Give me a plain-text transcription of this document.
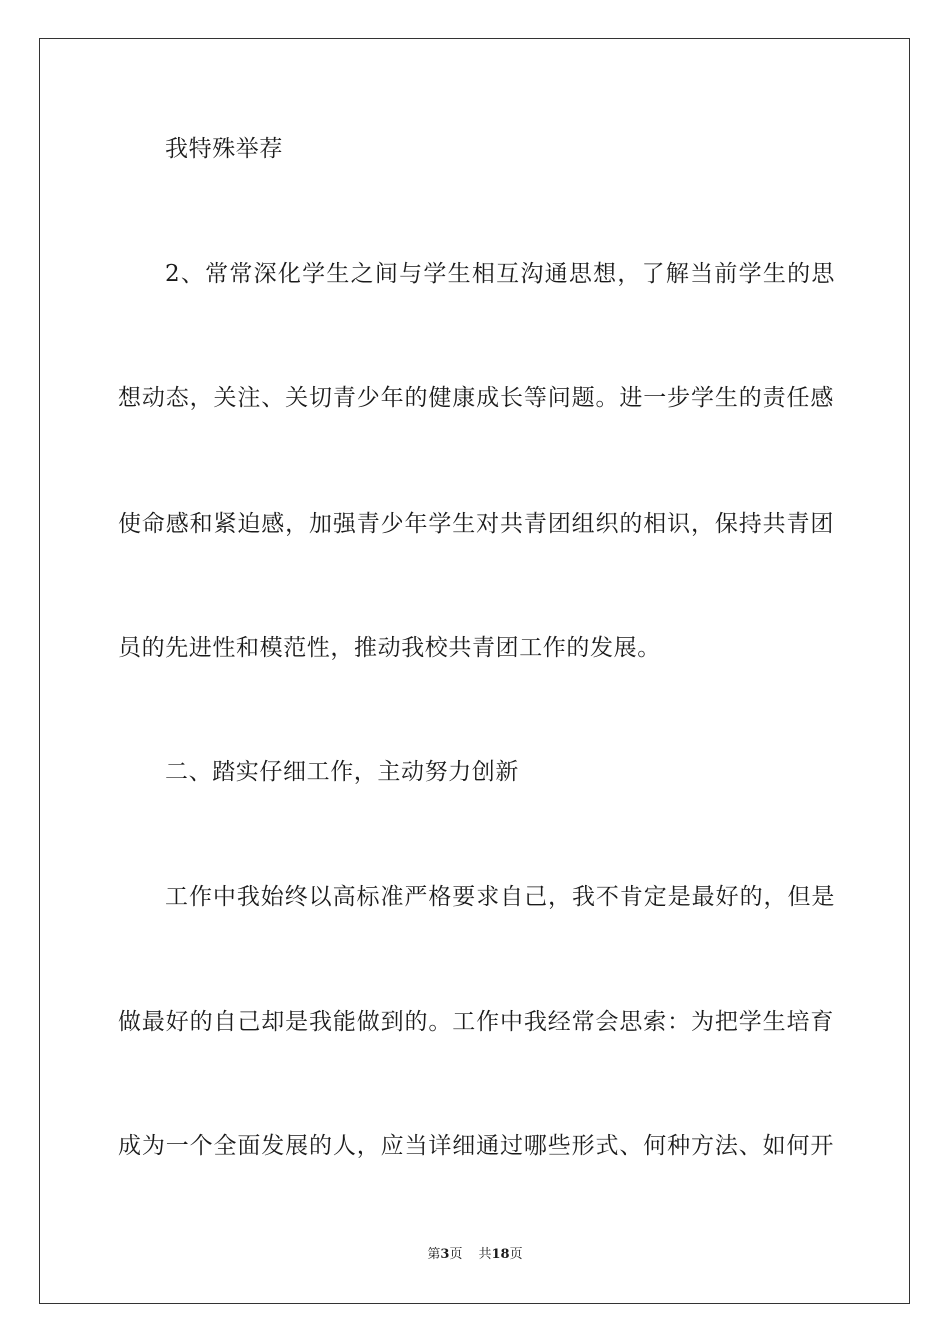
我特殊举荐
2、常常深化学生之间与学生相互沟通思想，了解当前学生的思
想动态，关注、关切青少年的健康成长等问题。进一步学生的责任感
使命感和紧迫感，加强青少年学生对共青团组织的相识，保持共青团
员的先进性和模范性，推动我校共青团工作的发展。
二、踏实仔细工作，主动努力创新
工作中我始终以高标准严格要求自己，我不肯定是最好的，但是
做最好的自己却是我能做到的。工作中我经常会思索：为把学生培育
成为一个全面发展的人，应当详细通过哪些形式、何种方法、如何开
第3页 共18页
